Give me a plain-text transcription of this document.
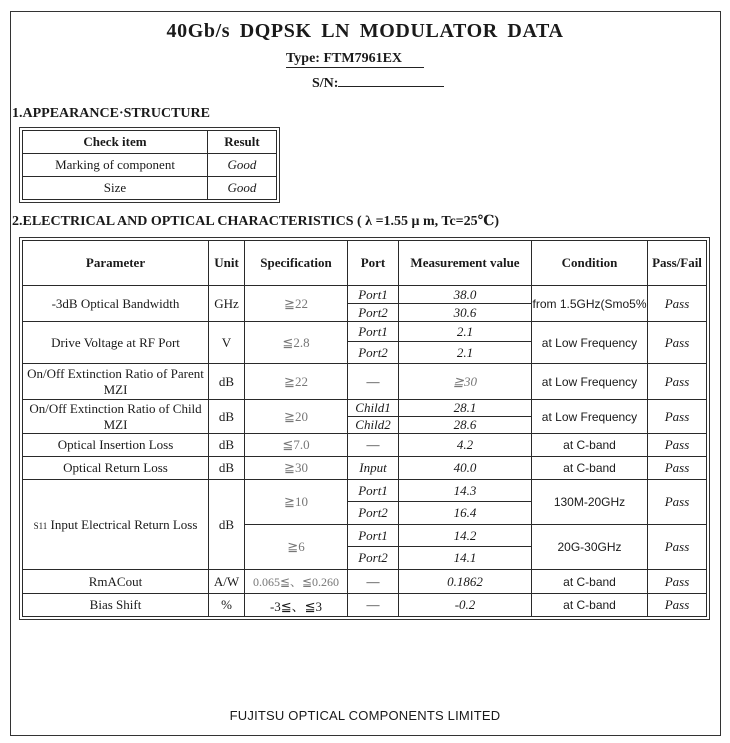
40Gb/s DQPSK LN MODULATOR DATA
Type: FTM7961EX
S/N:
1.APPEARANCE·STRUCTURE
Check item	Result
Marking of component	Good
Size	Good
2.ELECTRICAL AND OPTICAL CHARACTERISTICS ( λ =1.55 μ m, Tc=25℃)
Parameter	Unit	Specification	Port	Measurement value	Condition	Pass/Fail
-3dB Optical Bandwidth	GHz	≧22	Port1	38.0	from 1.5GHz(Smo5%	Pass
			Port2	30.6		
Drive Voltage at RF Port	V	≦2.8	Port1	2.1	at Low Frequency	Pass
			Port2	2.1		
On/Off Extinction Ratio of Parent MZI	dB	≧22	—	≧30	at Low Frequency	Pass
On/Off Extinction Ratio of Child MZI	dB	≧20	Child1	28.1	at Low Frequency	Pass
			Child2	28.6		
Optical Insertion Loss	dB	≦7.0	—	4.2	at C-band	Pass
Optical Return Loss	dB	≧30	Input	40.0	at C-band	Pass
S11 Input Electrical Return Loss	dB	≧10	Port1	14.3	130M-20GHz	Pass
			Port2	16.4		
		≧6	Port1	14.2	20G-30GHz	Pass
			Port2	14.1		
RmACout	A/W	0.065≦、≦0.260	—	0.1862	at C-band	Pass
Bias Shift	%	-3≦、≦3	—	-0.2	at C-band	Pass
FUJITSU OPTICAL COMPONENTS LIMITED
